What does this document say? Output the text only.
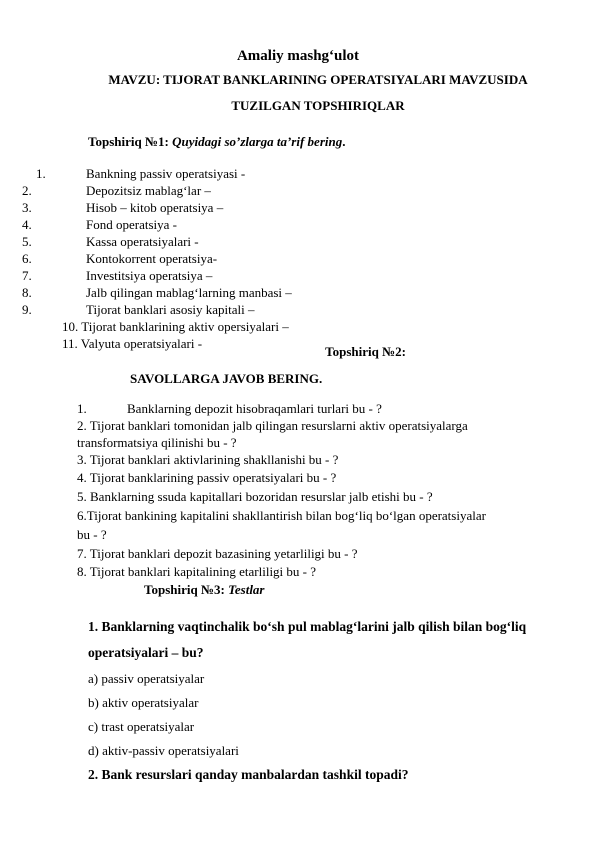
Amaliy mashg‘ulot
MAVZU: TIJORAT BANKLARINING OPERATSIYALARI MAVZUSIDA
TUZILGAN TOPSHIRIQLAR
Topshiriq №1: Quyidagi so’zlarga ta’rif bering.
1.	Bankning passiv operatsiyasi -
2.	Depozitsiz mablag‘lar –
3.	Hisob – kitob operatsiya –
4.	Fond operatsiya -
5.	Kassa operatsiyalari -
6.	Kontokorrent operatsiya-
7.	Investitsiya operatsiya –
8.	Jalb qilingan mablag‘larning manbasi –
9.	Tijorat banklari asosiy kapitali –
10. Tijorat banklarining aktiv opersiyalari –
11. Valyuta operatsiyalari -
Topshiriq №2:
SAVOLLARGA JAVOB BERING.
1.	Banklarning depozit hisobraqamlari turlari bu - ?
2. Tijorat banklari tomonidan jalb qilingan resurslarni aktiv operatsiyalarga
transformatsiya qilinishi bu - ?
3. Tijorat banklari aktivlarining shakllanishi bu - ?
4. Tijorat banklarining passiv operatsiyalari bu - ?
5. Banklarning ssuda kapitallari bozoridan resurslar jalb etishi bu - ?
6.Tijorat bankining kapitalini shakllantirish bilan bog‘liq bo‘lgan operatsiyalar
bu - ?
7. Tijorat banklari depozit bazasining yetarliligi bu - ?
8. Tijorat banklari kapitalining etarliligi bu - ?
Topshiriq №3: Testlar
1. Banklarning vaqtinchalik bo‘sh pul mablag‘larini jalb qilish bilan bog‘liq
operatsiyalari – bu?
a) passiv operatsiyalar
b) aktiv operatsiyalar
c) trast operatsiyalar
d) aktiv-passiv operatsiyalari
2. Bank resurslari qanday manbalardan tashkil topadi?
